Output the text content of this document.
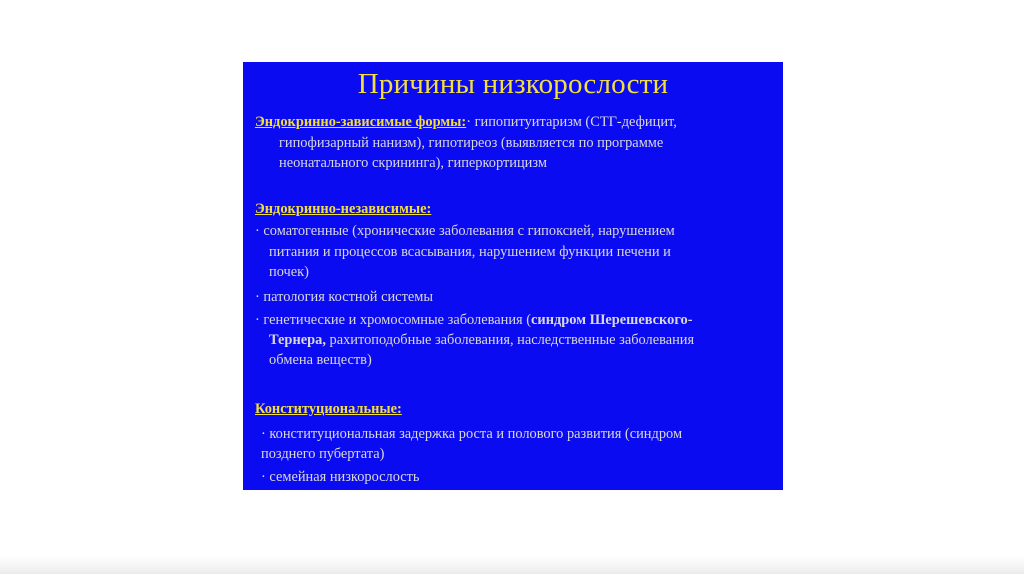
Причины низкорослости
Эндокринно-зависимые формы:· гипопитуитаризм (СТГ-дефицит,
гипофизарный нанизм), гипотиреоз (выявляется по программе
неонатального скрининга), гиперкортицизм
Эндокринно-независимые:
· соматогенные (хронические заболевания с гипоксией, нарушением
питания и процессов всасывания, нарушением функции печени и
почек)
· патология костной системы
· генетические и хромосомные заболевания (синдром Шерешевского-
Тернера, рахитоподобные заболевания, наследственные заболевания
обмена веществ)
Конституциональные:
· конституциональная задержка роста и полового развития (синдром
позднего пубертата)
· семейная низкорослость
